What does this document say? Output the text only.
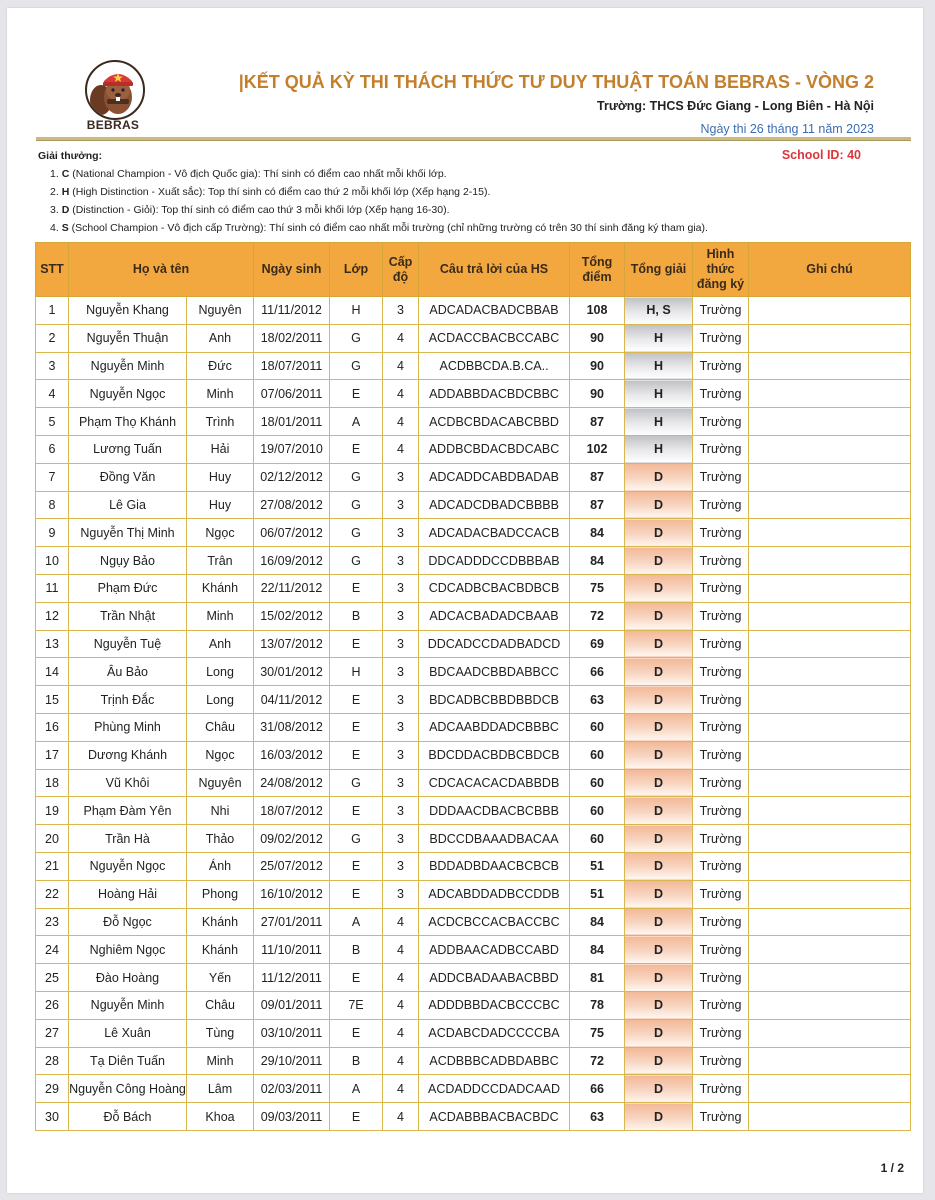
BEBRAS
|KẾT QUẢ KỲ THI THÁCH THỨC TƯ DUY THUẬT TOÁN BEBRAS - VÒNG 2
Trường: THCS Đức Giang - Long Biên - Hà Nội
Ngày thi 26 tháng 11 năm 2023
Giải thưởng:	School ID: 40
1. C (National Champion - Vô địch Quốc gia): Thí sinh có điểm cao nhất mỗi khối lớp.
2. H (High Distinction - Xuất sắc): Top thí sinh có điểm cao thứ 2 mỗi khối lớp (Xếp hạng 2-15).
3. D (Distinction - Giỏi): Top thí sinh có điểm cao thứ 3 mỗi khối lớp (Xếp hạng 16-30).
4. S (School Champion - Vô địch cấp Trường): Thí sinh có điểm cao nhất mỗi trường (chỉ những trường có trên 30 thí sinh đăng ký tham gia).
STT	Họ và tên		Ngày sinh	Lớp	Cấp độ	Câu trả lời của HS	Tổng điểm	Tổng giải	Hình thức đăng ký	Ghi chú
1	Nguyễn Khang	Nguyên	11/11/2012	H	3	ADCADACBADCBBAB	108	H, S	Trường	
2	Nguyễn Thuận	Anh	18/02/2011	G	4	ACDACCBACBCCABC	90	H	Trường	
3	Nguyễn Minh	Đức	18/07/2011	G	4	ACDBBCDA.B.CA..	90	H	Trường	
4	Nguyễn Ngọc	Minh	07/06/2011	E	4	ADDABBDACBDCBBC	90	H	Trường	
5	Phạm Thọ Khánh	Trình	18/01/2011	A	4	ACDBCBDACABCBBD	87	H	Trường	
6	Lương Tuấn	Hải	19/07/2010	E	4	ADDBCBDACBDCABC	102	H	Trường	
7	Đồng Văn	Huy	02/12/2012	G	3	ADCADDCABDBADAB	87	D	Trường	
8	Lê Gia	Huy	27/08/2012	G	3	ADCADCDBADCBBBB	87	D	Trường	
9	Nguyễn Thị Minh	Ngọc	06/07/2012	G	3	ADCADACBADCCACB	84	D	Trường	
10	Ngụy Bảo	Trân	16/09/2012	G	3	DDCADDDCCDBBBAB	84	D	Trường	
11	Phạm Đức	Khánh	22/11/2012	E	3	CDCADBCBACBDBCB	75	D	Trường	
12	Trần Nhật	Minh	15/02/2012	B	3	ADCACBADADCBAAB	72	D	Trường	
13	Nguyễn Tuệ	Anh	13/07/2012	E	3	DDCADCCDADBADCD	69	D	Trường	
14	Âu Bảo	Long	30/01/2012	H	3	BDCAADCBBDABBCC	66	D	Trường	
15	Trịnh Đắc	Long	04/11/2012	E	3	BDCADBCBBDBBDCB	63	D	Trường	
16	Phùng Minh	Châu	31/08/2012	E	3	ADCAABDDADCBBBC	60	D	Trường	
17	Dương Khánh	Ngọc	16/03/2012	E	3	BDCDDACBDBCBDCB	60	D	Trường	
18	Vũ Khôi	Nguyên	24/08/2012	G	3	CDCACACACDABBDB	60	D	Trường	
19	Phạm Đàm Yên	Nhi	18/07/2012	E	3	DDDAACDBACBCBBB	60	D	Trường	
20	Trần Hà	Thảo	09/02/2012	G	3	BDCCDBAAADBACAA	60	D	Trường	
21	Nguyễn Ngọc	Ánh	25/07/2012	E	3	BDDADBDAACBCBCB	51	D	Trường	
22	Hoàng Hải	Phong	16/10/2012	E	3	ADCABDDADBCCDDB	51	D	Trường	
23	Đỗ Ngọc	Khánh	27/01/2011	A	4	ACDCBCCACBACCBC	84	D	Trường	
24	Nghiêm Ngọc	Khánh	11/10/2011	B	4	ADDBAACADBCCABD	84	D	Trường	
25	Đào Hoàng	Yến	11/12/2011	E	4	ADDCBADAABACBBD	81	D	Trường	
26	Nguyễn Minh	Châu	09/01/2011	7E	4	ADDDBBDACBCCCBC	78	D	Trường	
27	Lê Xuân	Tùng	03/10/2011	E	4	ACDABCDADCCCCBA	75	D	Trường	
28	Tạ Diên Tuấn	Minh	29/10/2011	B	4	ACDBBBCADBDABBC	72	D	Trường	
29	Nguyễn Công Hoàng	Lâm	02/03/2011	A	4	ACDADDCCDADCAAD	66	D	Trường	
30	Đỗ Bách	Khoa	09/03/2011	E	4	ACDABBBACBACBDC	63	D	Trường	
1 / 2
